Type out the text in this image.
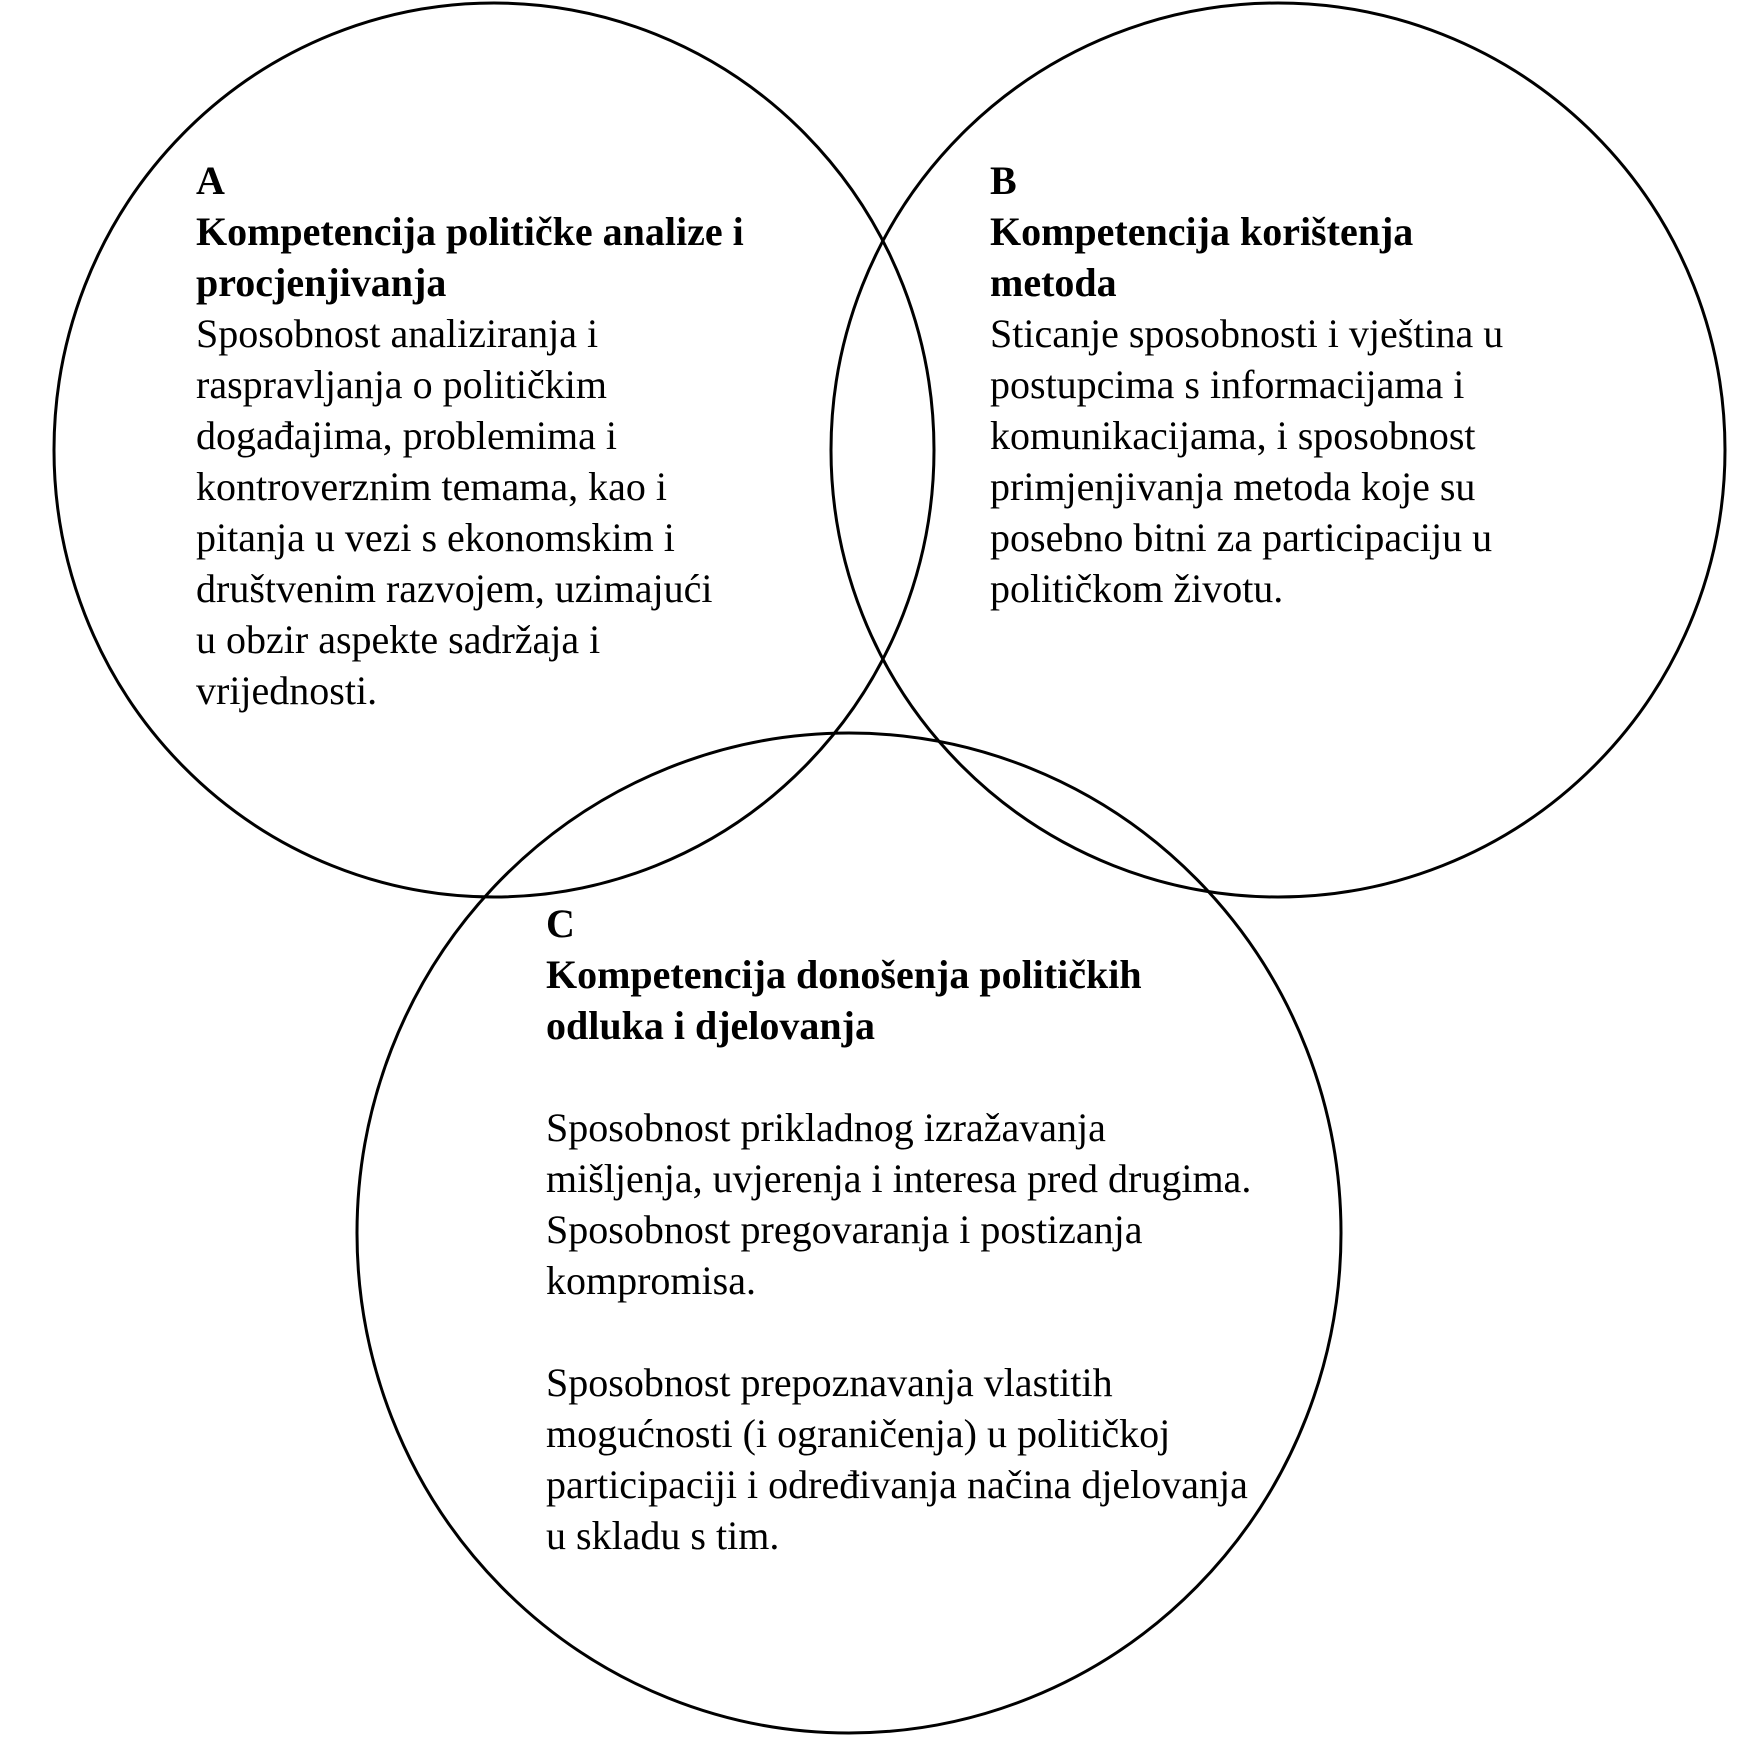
A
Kompetencija političke analize i
procjenjivanja
Sposobnost analiziranja i
raspravljanja o političkim
događajima, problemima i
kontroverznim temama, kao i
pitanja u vezi s ekonomskim i
društvenim razvojem, uzimajući
u obzir aspekte sadržaja i
vrijednosti.
B
Kompetencija korištenja
metoda
Sticanje sposobnosti i vještina u
postupcima s informacijama i
komunikacijama, i sposobnost
primjenjivanja metoda koje su
posebno bitni za participaciju u
političkom životu.
C
Kompetencija donošenja političkih
odluka i djelovanja
Sposobnost prikladnog izražavanja
mišljenja, uvjerenja i interesa pred drugima.
Sposobnost pregovaranja i postizanja
kompromisa.
Sposobnost prepoznavanja vlastitih
mogućnosti (i ograničenja) u političkoj
participaciji i određivanja načina djelovanja
u skladu s tim.
